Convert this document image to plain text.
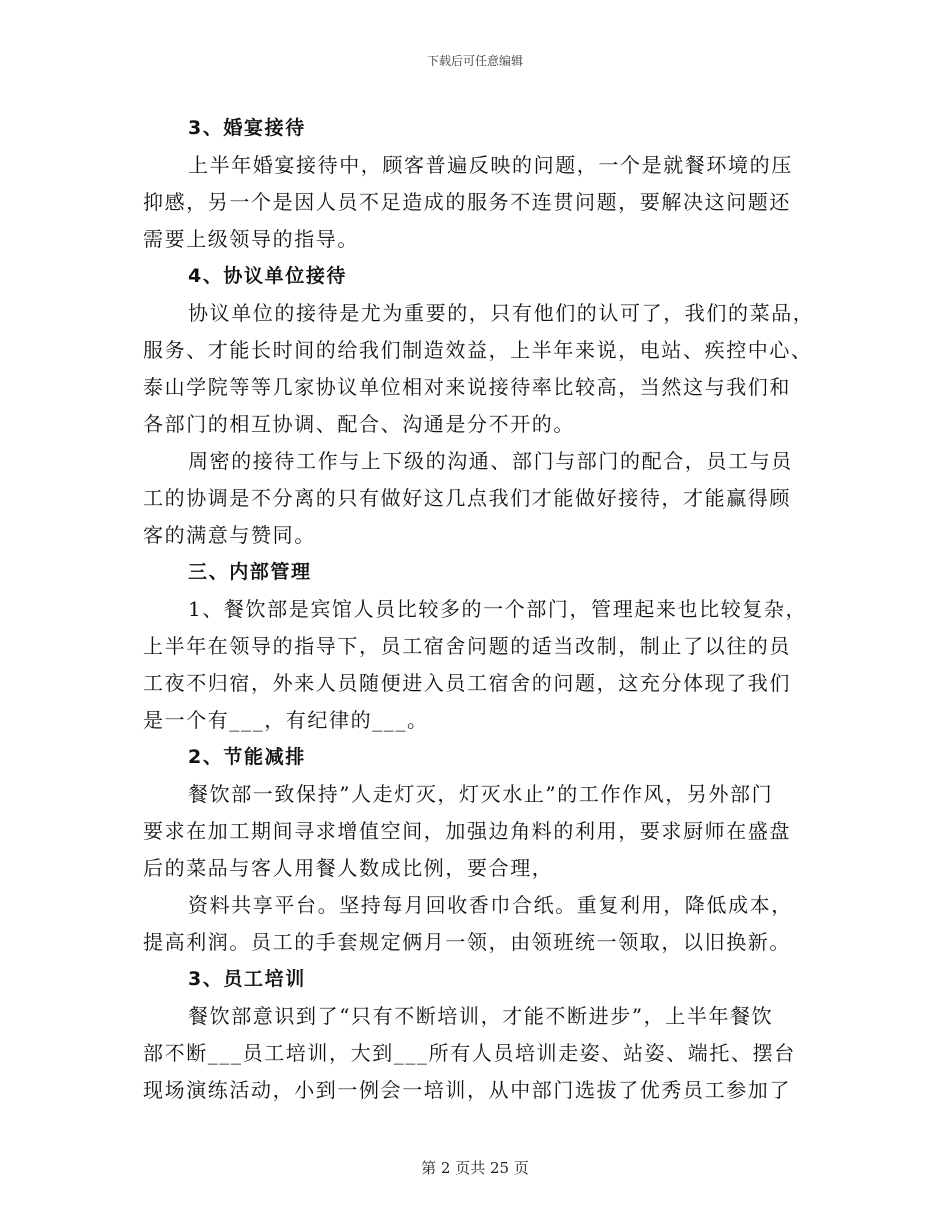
下载后可任意编辑
3、婚宴接待
上半年婚宴接待中，顾客普遍反映的问题，一个是就餐环境的压
抑感，另一个是因人员不足造成的服务不连贯问题，要解决这问题还
需要上级领导的指导。
4、协议单位接待
协议单位的接待是尤为重要的，只有他们的认可了，我们的菜品，
服务、才能长时间的给我们制造效益，上半年来说，电站、疾控中心、
泰山学院等等几家协议单位相对来说接待率比较高，当然这与我们和
各部门的相互协调、配合、沟通是分不开的。
周密的接待工作与上下级的沟通、部门与部门的配合，员工与员
工的协调是不分离的只有做好这几点我们才能做好接待，才能赢得顾
客的满意与赞同。
三、内部管理
1、餐饮部是宾馆人员比较多的一个部门，管理起来也比较复杂，
上半年在领导的指导下，员工宿舍问题的适当改制，制止了以往的员
工夜不归宿，外来人员随便进入员工宿舍的问题，这充分体现了我们
是一个有___，有纪律的___。
2、节能减排
餐饮部一致保持”人走灯灭，灯灭水止”的工作作风，另外部门
要求在加工期间寻求增值空间，加强边角料的利用，要求厨师在盛盘
后的菜品与客人用餐人数成比例，要合理，
资料共享平台。坚持每月回收香巾合纸。重复利用，降低成本，
提高利润。员工的手套规定俩月一领，由领班统一领取，以旧换新。
3、员工培训
餐饮部意识到了“只有不断培训，才能不断进步”，上半年餐饮
部不断___员工培训，大到___所有人员培训走姿、站姿、端托、摆台
现场演练活动，小到一例会一培训，从中部门选拔了优秀员工参加了
第 2 页共 25 页
